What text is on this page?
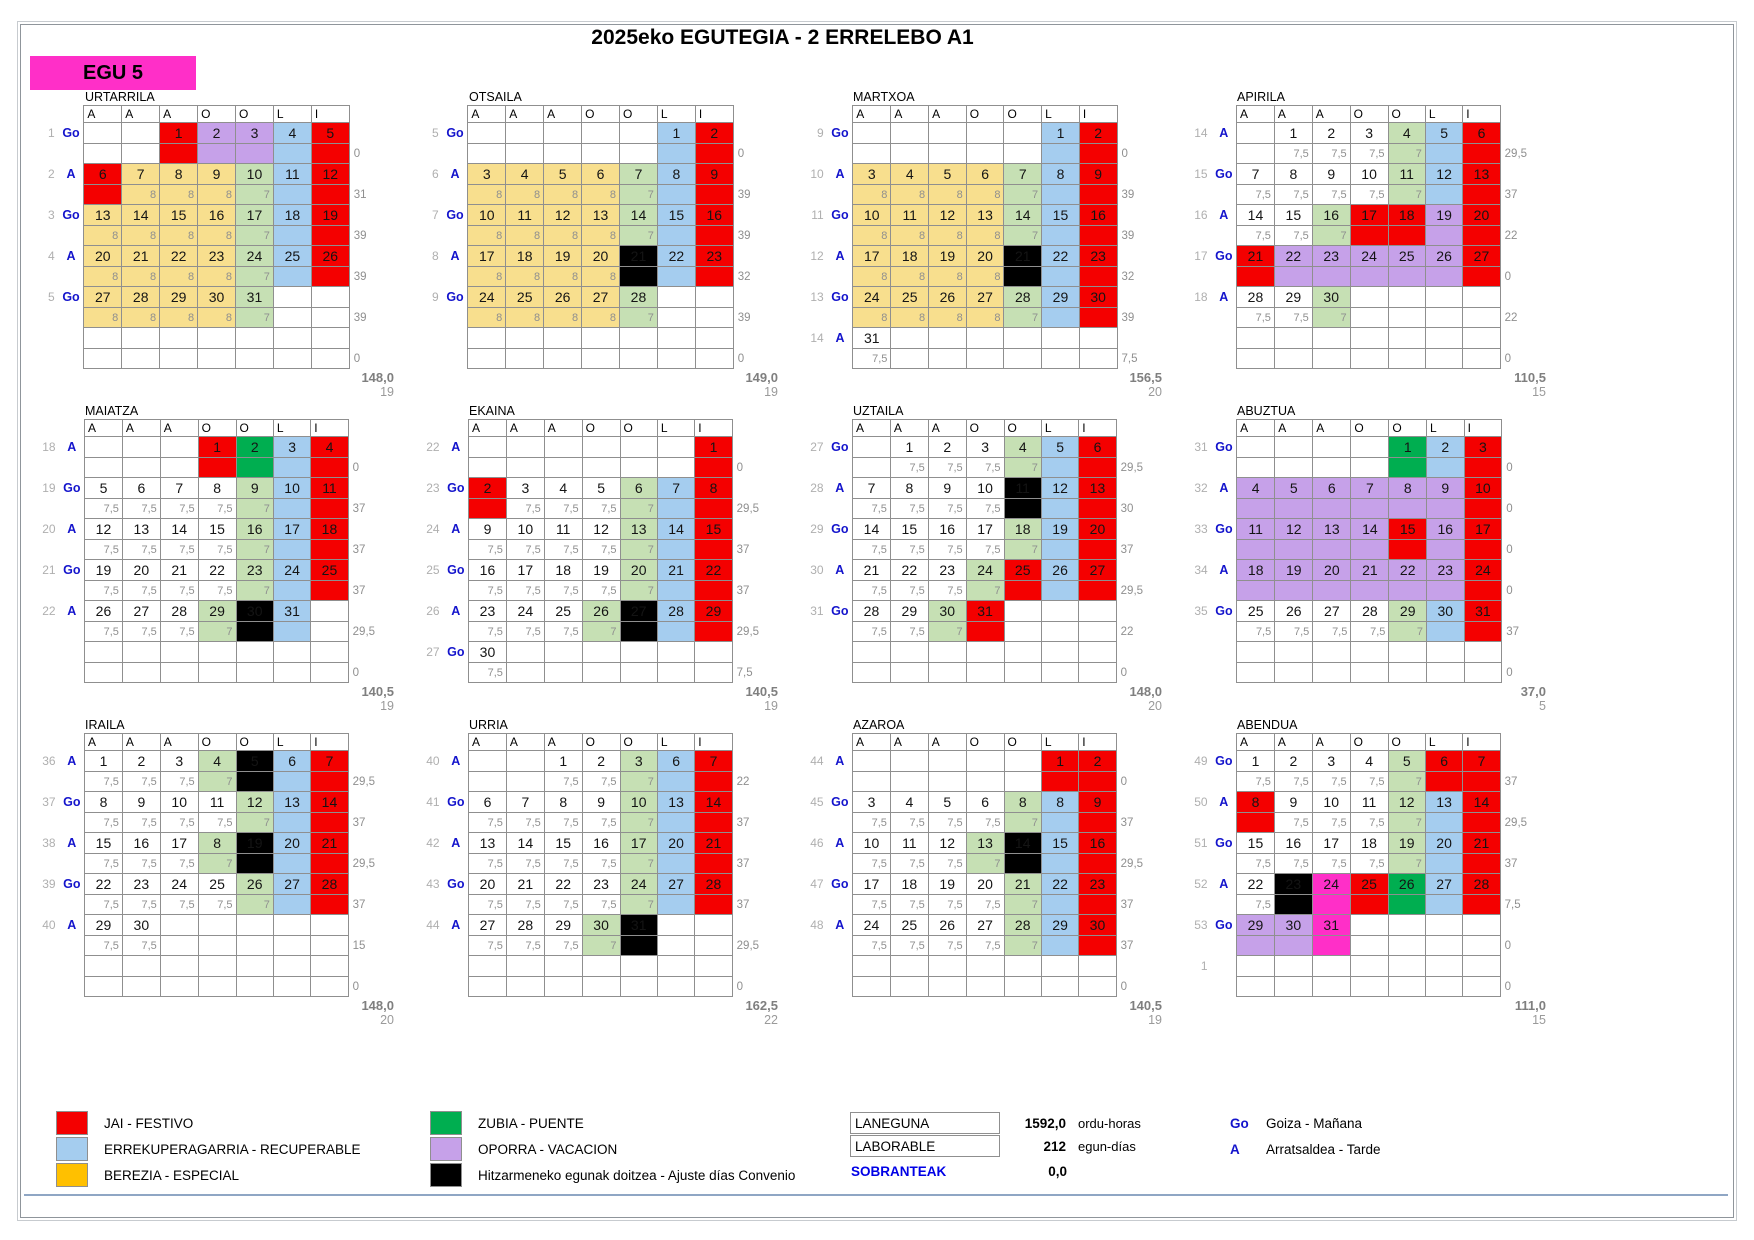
2025eko EGUTEGIA - 2 ERRELEBO A1
EGU 5
URTARRILA
		A	A	A	O	O	L	I	
1	Go			1	2	3	4	5	
									0
2	A	6	7	8	9	10	11	12	
			8	8	8	7			31
3	Go	13	14	15	16	17	18	19	
		8	8	8	8	7			39
4	A	20	21	22	23	24	25	26	
		8	8	8	8	7			39
5	Go	27	28	29	30	31			
		8	8	8	8	7			39

									0
148,0
19
OTSAILA
		A	A	A	O	O	L	I	
5	Go						1	2	
									0
6	A	3	4	5	6	7	8	9	
		8	8	8	8	7			39
7	Go	10	11	12	13	14	15	16	
		8	8	8	8	7			39
8	A	17	18	19	20	21	22	23	
		8	8	8	8				32
9	Go	24	25	26	27	28			
		8	8	8	8	7			39

									0
149,0
19
MARTXOA
		A	A	A	O	O	L	I	
9	Go						1	2	
									0
10	A	3	4	5	6	7	8	9	
		8	8	8	8	7			39
11	Go	10	11	12	13	14	15	16	
		8	8	8	8	7			39
12	A	17	18	19	20	21	22	23	
		8	8	8	8				32
13	Go	24	25	26	27	28	29	30	
		8	8	8	8	7			39
14	A	31							
		7,5							7,5
156,5
20
APIRILA
		A	A	A	O	O	L	I	
14	A		1	2	3	4	5	6	
			7,5	7,5	7,5	7			29,5
15	Go	7	8	9	10	11	12	13	
		7,5	7,5	7,5	7,5	7			37
16	A	14	15	16	17	18	19	20	
		7,5	7,5	7					22
17	Go	21	22	23	24	25	26	27	
									0
18	A	28	29	30					
		7,5	7,5	7					22

									0
110,5
15
MAIATZA
		A	A	A	O	O	L	I	
18	A				1	2	3	4	
									0
19	Go	5	6	7	8	9	10	11	
		7,5	7,5	7,5	7,5	7			37
20	A	12	13	14	15	16	17	18	
		7,5	7,5	7,5	7,5	7			37
21	Go	19	20	21	22	23	24	25	
		7,5	7,5	7,5	7,5	7			37
22	A	26	27	28	29	30	31		
		7,5	7,5	7,5	7				29,5

									0
140,5
19
EKAINA
		A	A	A	O	O	L	I	
22	A							1	
									0
23	Go	2	3	4	5	6	7	8	
			7,5	7,5	7,5	7			29,5
24	A	9	10	11	12	13	14	15	
		7,5	7,5	7,5	7,5	7			37
25	Go	16	17	18	19	20	21	22	
		7,5	7,5	7,5	7,5	7			37
26	A	23	24	25	26	27	28	29	
		7,5	7,5	7,5	7				29,5
27	Go	30							
		7,5							7,5
140,5
19
UZTAILA
		A	A	A	O	O	L	I	
27	Go		1	2	3	4	5	6	
			7,5	7,5	7,5	7			29,5
28	A	7	8	9	10	11	12	13	
		7,5	7,5	7,5	7,5				30
29	Go	14	15	16	17	18	19	20	
		7,5	7,5	7,5	7,5	7			37
30	A	21	22	23	24	25	26	27	
		7,5	7,5	7,5	7				29,5
31	Go	28	29	30	31				
		7,5	7,5	7					22

									0
148,0
20
ABUZTUA
		A	A	A	O	O	L	I	
31	Go					1	2	3	
									0
32	A	4	5	6	7	8	9	10	
									0
33	Go	11	12	13	14	15	16	17	
									0
34	A	18	19	20	21	22	23	24	
									0
35	Go	25	26	27	28	29	30	31	
		7,5	7,5	7,5	7,5	7			37

									0
37,0
5
IRAILA
		A	A	A	O	O	L	I	
36	A	1	2	3	4	5	6	7	
		7,5	7,5	7,5	7				29,5
37	Go	8	9	10	11	12	13	14	
		7,5	7,5	7,5	7,5	7			37
38	A	15	16	17	8	19	20	21	
		7,5	7,5	7,5	7				29,5
39	Go	22	23	24	25	26	27	28	
		7,5	7,5	7,5	7,5	7			37
40	A	29	30						
		7,5	7,5						15

									0
148,0
20
URRIA
		A	A	A	O	O	L	I	
40	A			1	2	3	6	7	
				7,5	7,5	7			22
41	Go	6	7	8	9	10	13	14	
		7,5	7,5	7,5	7,5	7			37
42	A	13	14	15	16	17	20	21	
		7,5	7,5	7,5	7,5	7			37
43	Go	20	21	22	23	24	27	28	
		7,5	7,5	7,5	7,5	7			37
44	A	27	28	29	30	31			
		7,5	7,5	7,5	7				29,5

									0
162,5
22
AZAROA
		A	A	A	O	O	L	I	
44	A						1	2	
									0
45	Go	3	4	5	6	8	8	9	
		7,5	7,5	7,5	7,5	7			37
46	A	10	11	12	13	14	15	16	
		7,5	7,5	7,5	7				29,5
47	Go	17	18	19	20	21	22	23	
		7,5	7,5	7,5	7,5	7			37
48	A	24	25	26	27	28	29	30	
		7,5	7,5	7,5	7,5	7			37

									0
140,5
19
ABENDUA
		A	A	A	O	O	L	I	
49	Go	1	2	3	4	5	6	7	
		7,5	7,5	7,5	7,5	7			37
50	A	8	9	10	11	12	13	14	
			7,5	7,5	7,5	7			29,5
51	Go	15	16	17	18	19	20	21	
		7,5	7,5	7,5	7,5	7			37
52	A	22	23	24	25	26	27	28	
		7,5							7,5
53	Go	29	30	31					
									0
1									
									0
111,0
15
JAI - FESTIVO
ERREKUPERAGARRIA - RECUPERABLE
BEREZIA - ESPECIAL
ZUBIA - PUENTE
OPORRA - VACACION
Hitzarmeneko egunak doitzea - Ajuste días Convenio
LANEGUNA	1592,0 ordu-horas
LABORABLE	212 egun-días
SOBRANTEAK	0,0
Go	Goiza - Mañana
A	Arratsaldea - Tarde
